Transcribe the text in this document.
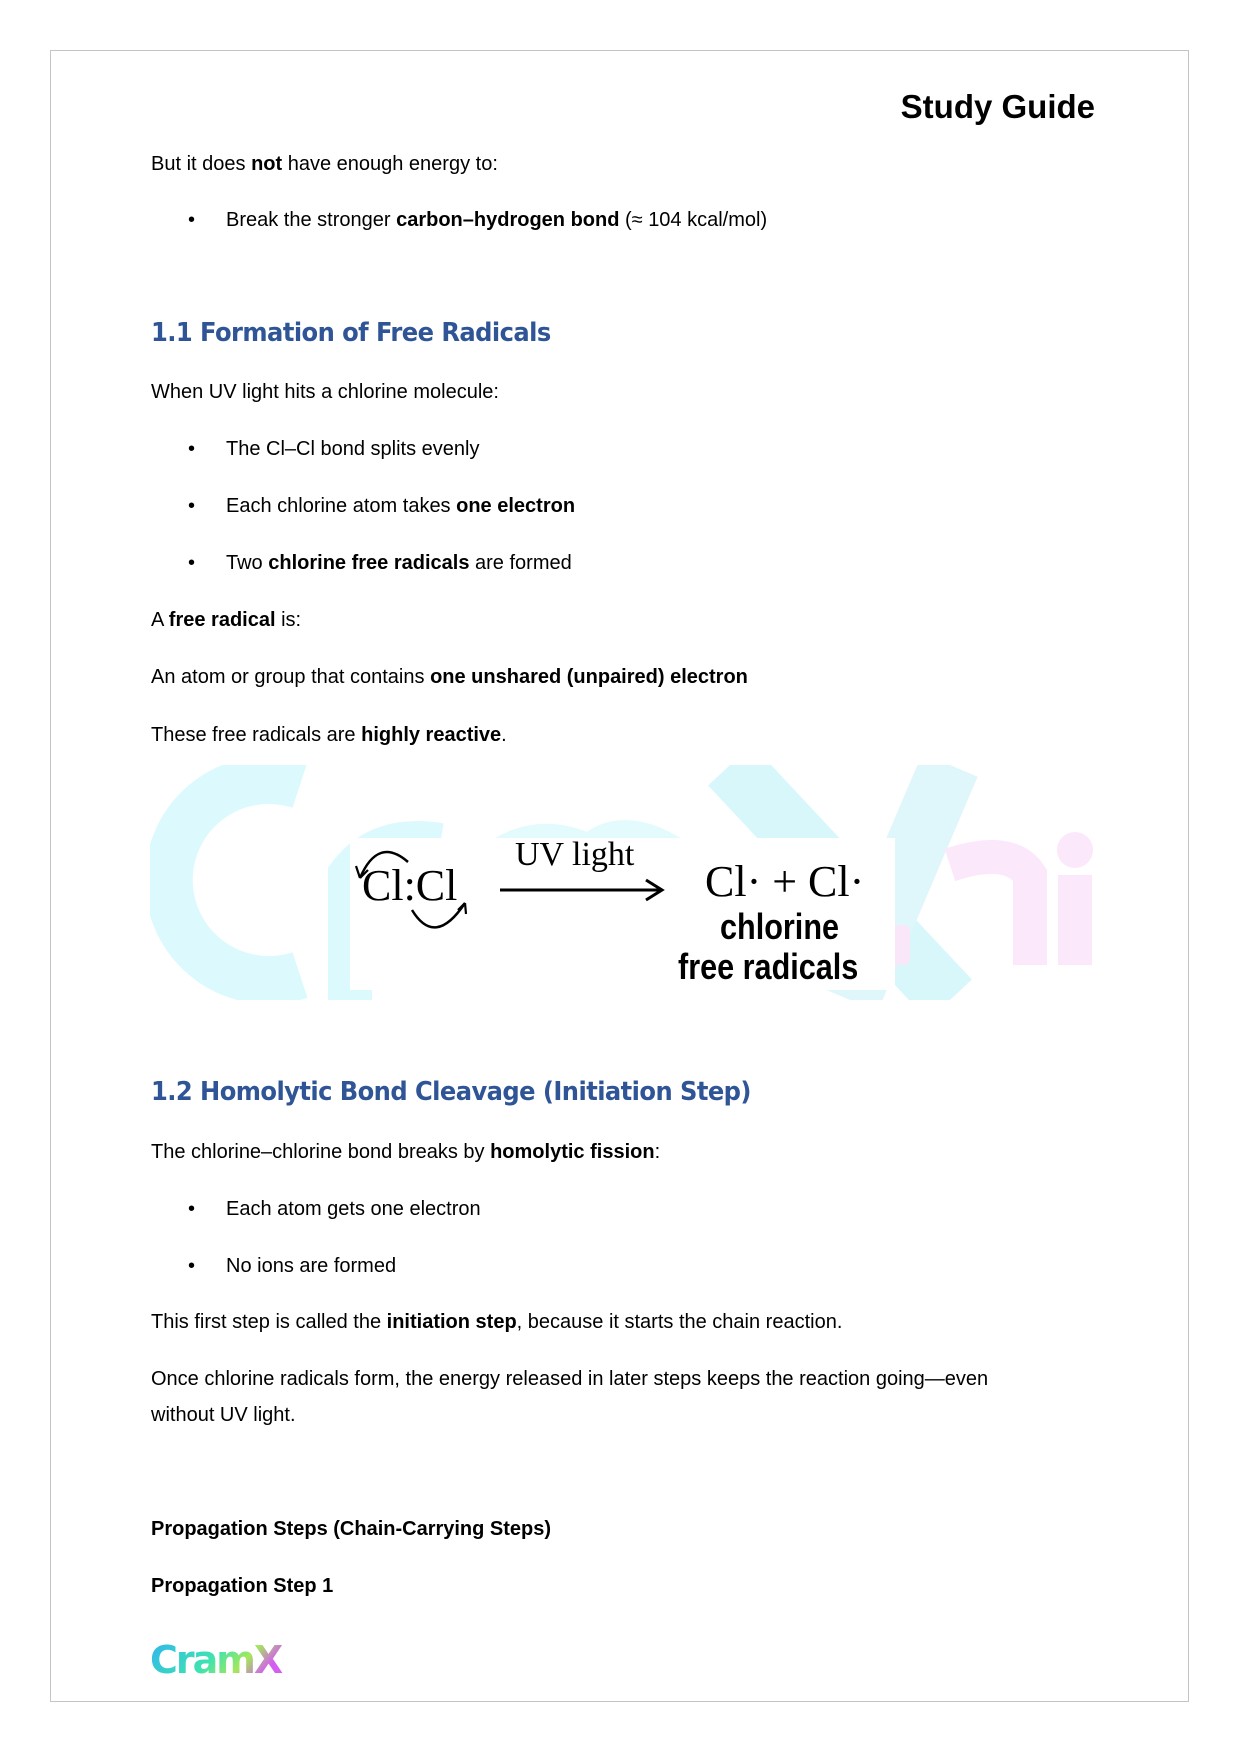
Study Guide
But it does not have enough energy to:
• Break the stronger carbon–hydrogen bond (≈ 104 kcal/mol)
1.1 Formation of Free Radicals
When UV light hits a chlorine molecule:
• The Cl–Cl bond splits evenly
• Each chlorine atom takes one electron
• Two chlorine free radicals are formed
A free radical is:
An atom or group that contains one unshared (unpaired) electron
These free radicals are highly reactive.
Cl:Cl
UV light
Cl· + Cl·
chlorine
free radicals
1.2 Homolytic Bond Cleavage (Initiation Step)
The chlorine–chlorine bond breaks by homolytic fission:
• Each atom gets one electron
• No ions are formed
This first step is called the initiation step, because it starts the chain reaction.
Once chlorine radicals form, the energy released in later steps keeps the reaction going—even
without UV light.
Propagation Steps (Chain-Carrying Steps)
Propagation Step 1
CramX
